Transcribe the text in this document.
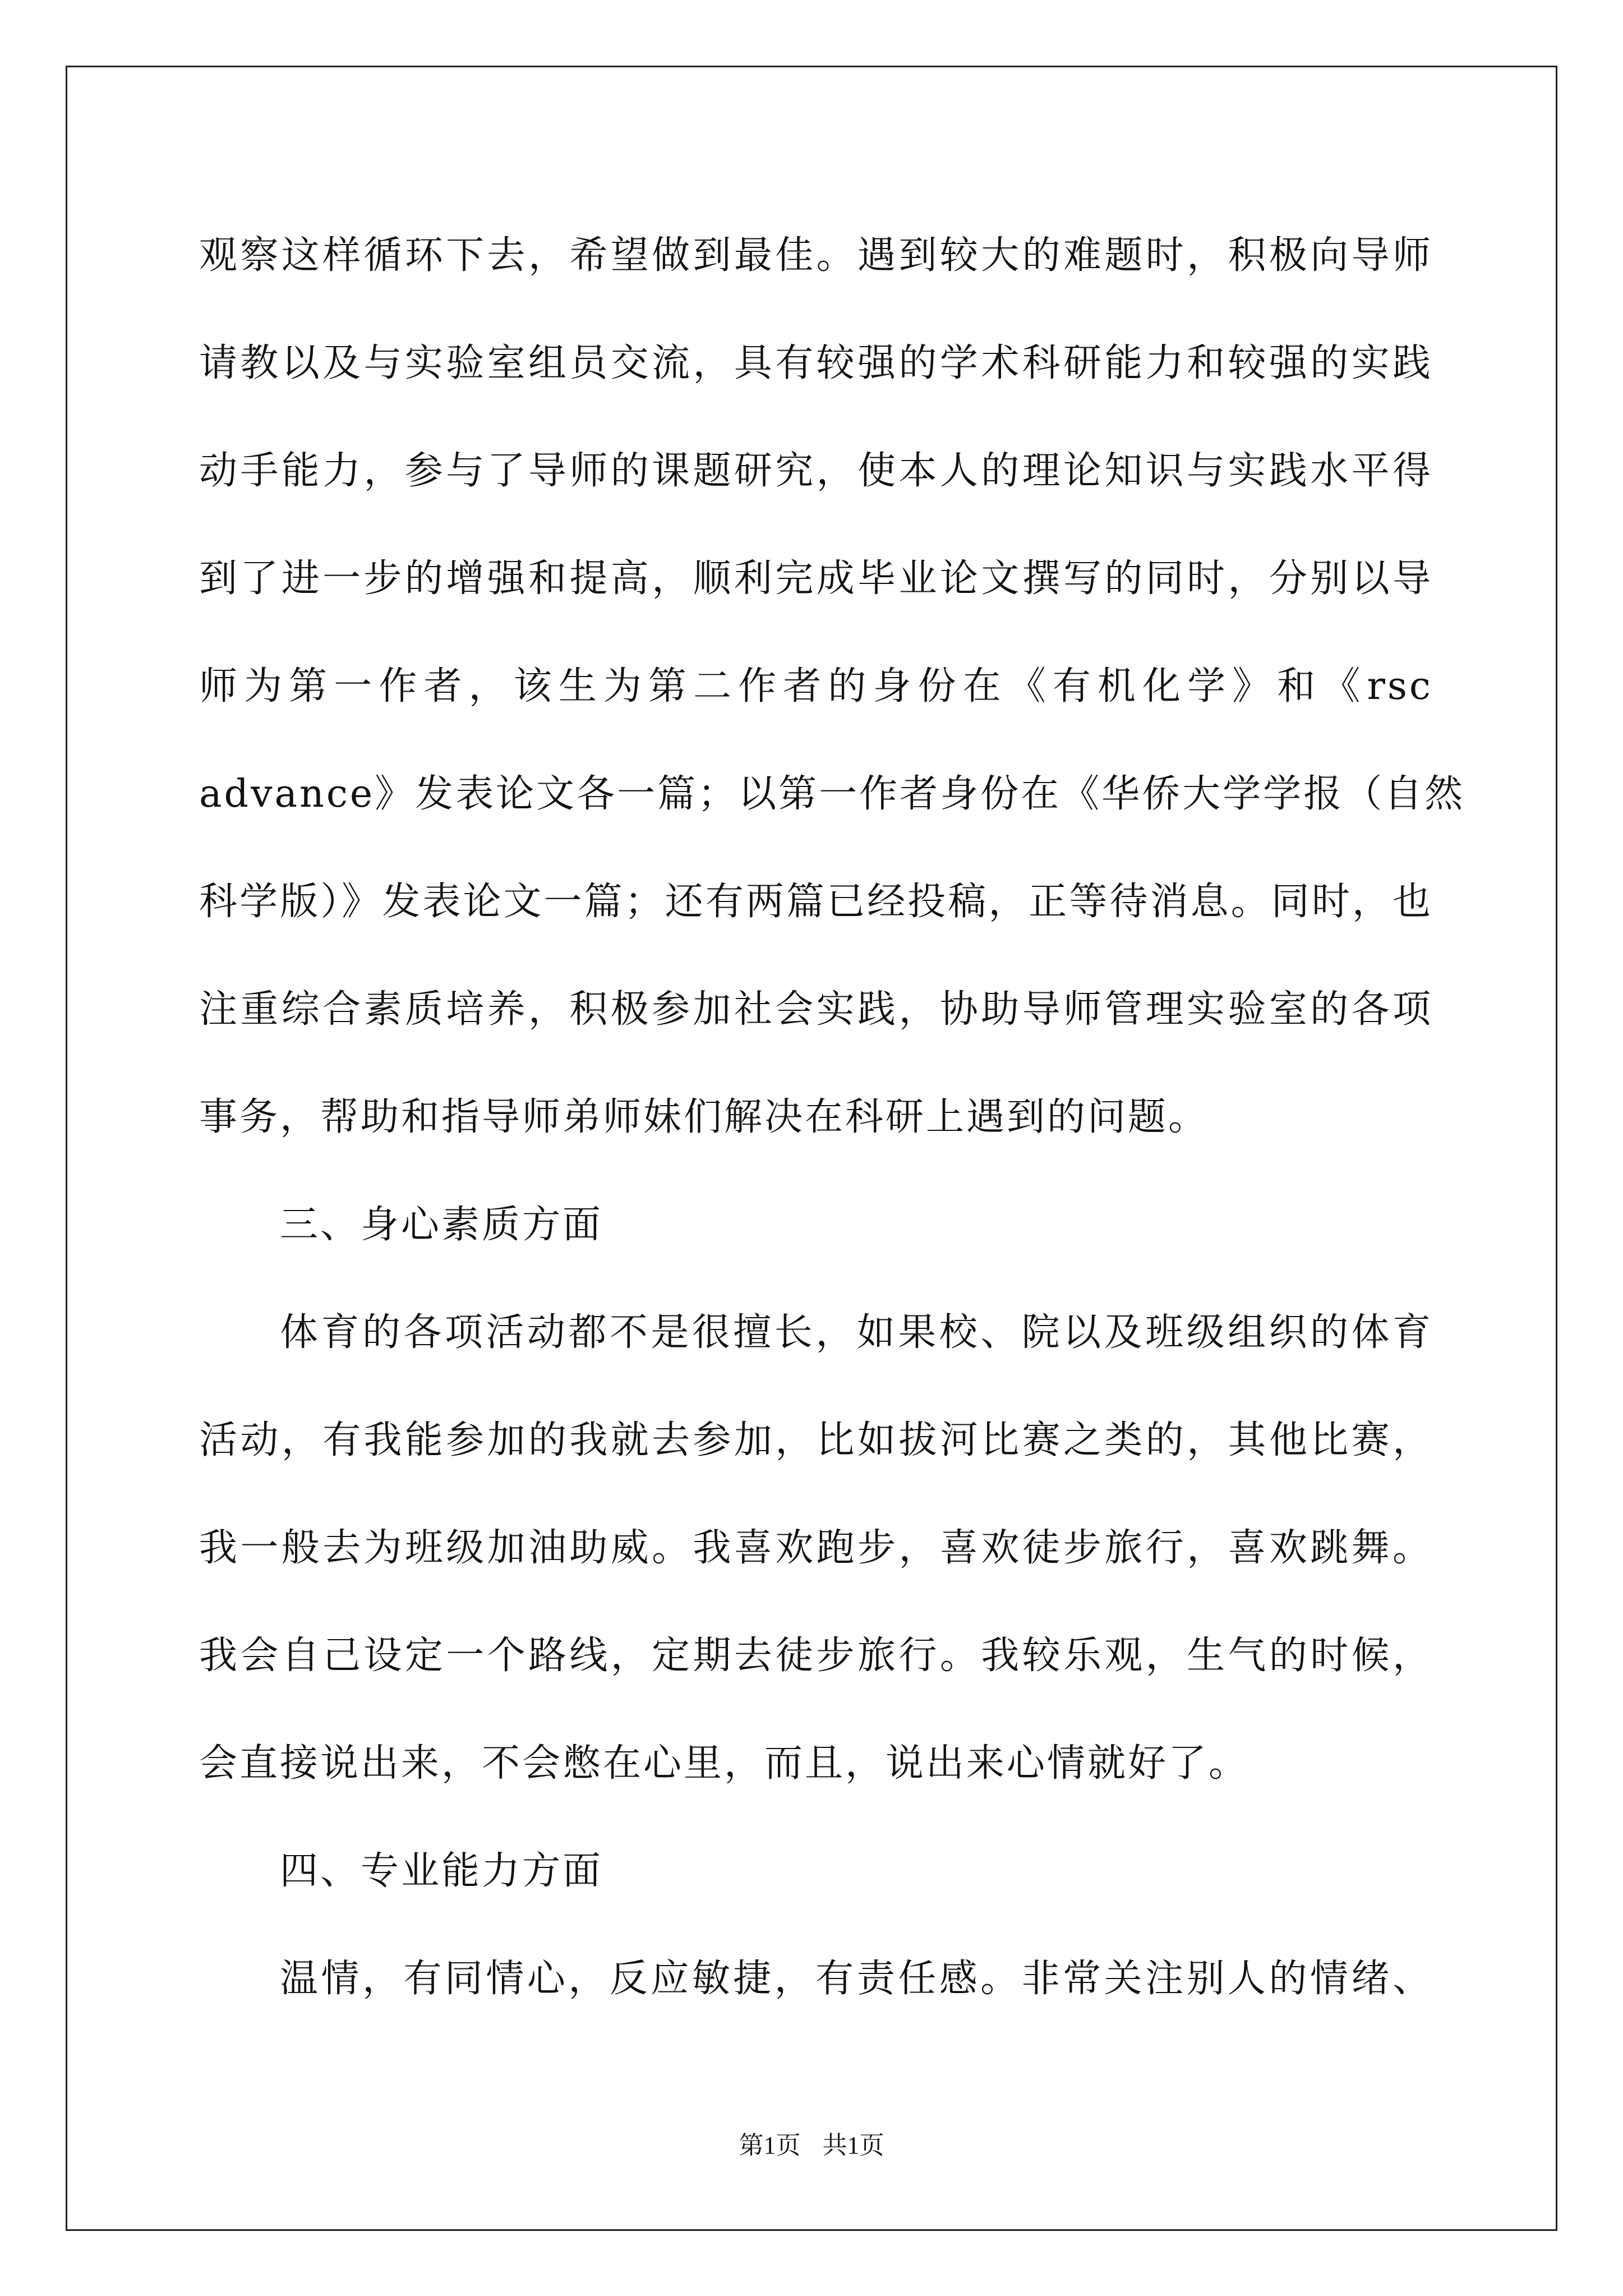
观察这样循环下去，希望做到最佳。遇到较大的难题时，积极向导师
请教以及与实验室组员交流，具有较强的学术科研能力和较强的实践
动手能力，参与了导师的课题研究，使本人的理论知识与实践水平得
到了进一步的增强和提高，顺利完成毕业论文撰写的同时，分别以导
师为第一作者，该生为第二作者的身份在《有机化学》和《rsc
advance》发表论文各一篇；以第一作者身份在《华侨大学学报（自然
科学版）》发表论文一篇；还有两篇已经投稿，正等待消息。同时，也
注重综合素质培养，积极参加社会实践，协助导师管理实验室的各项
事务，帮助和指导师弟师妹们解决在科研上遇到的问题。
三、身心素质方面
体育的各项活动都不是很擅长，如果校、院以及班级组织的体育
活动，有我能参加的我就去参加，比如拔河比赛之类的，其他比赛，
我一般去为班级加油助威。我喜欢跑步，喜欢徒步旅行，喜欢跳舞。
我会自己设定一个路线，定期去徒步旅行。我较乐观，生气的时候，
会直接说出来，不会憋在心里，而且，说出来心情就好了。
四、专业能力方面
温情，有同情心，反应敏捷，有责任感。非常关注别人的情绪、
第1页 共1页
